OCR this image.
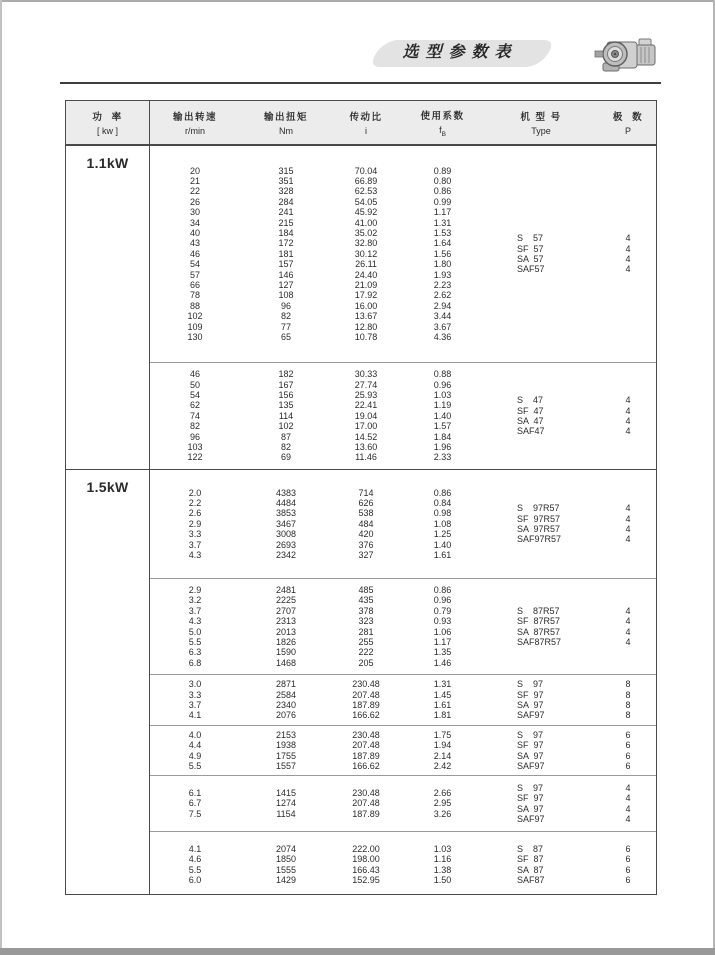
选型参数表
功  率
[ kw ]
输出转速
r/min
输出扭矩
Nm
传动比
i
使用系数
$f_B$
机 型 号
Type
极  数
P
1.1kW	20
21
22
26
30
34
40
43
46
54
57
66
78
88
102
109
130
315
351
328
284
241
215
184
172
181
157
146
127
108
96
82
77
65
70.04
66.89
62.53
54.05
45.92
41.00
35.02
32.80
30.12
26.11
24.40
21.09
17.92
16.00
13.67
12.80
10.78
0.89
0.80
0.86
0.99
1.17
1.31
1.53
1.64
1.56
1.80
1.93
2.23
2.62
2.94
3.44
3.67
4.36
S    57
SF  57
SA  57
SAF57
4
4
4
4
46
50
54
62
74
82
96
103
122
182
167
156
135
114
102
87
82
69
30.33
27.74
25.93
22.41
19.04
17.00
14.52
13.60
11.46
0.88
0.96
1.03
1.19
1.40
1.57
1.84
1.96
2.33
S    47
SF  47
SA  47
SAF47
4
4
4
4
1.5kW	2.0
2.2
2.6
2.9
3.3
3.7
4.3
4383
4484
3853
3467
3008
2693
2342
714
626
538
484
420
376
327
0.86
0.84
0.98
1.08
1.25
1.40
1.61
S    97R57
SF  97R57
SA  97R57
SAF97R57
4
4
4
4
2.9
3.2
3.7
4.3
5.0
5.5
6.3
6.8
2481
2225
2707
2313
2013
1826
1590
1468
485
435
378
323
281
255
222
205
0.86
0.96
0.79
0.93
1.06
1.17
1.35
1.46
S    87R57
SF  87R57
SA  87R57
SAF87R57
4
4
4
4
3.0
3.3
3.7
4.1
2871
2584
2340
2076
230.48
207.48
187.89
166.62
1.31
1.45
1.61
1.81
S    97
SF  97
SA  97
SAF97
8
8
8
8
4.0
4.4
4.9
5.5
2153
1938
1755
1557
230.48
207.48
187.89
166.62
1.75
1.94
2.14
2.42
S    97
SF  97
SA  97
SAF97
6
6
6
6
6.1
6.7
7.5
1415
1274
1154
230.48
207.48
187.89
2.66
2.95
3.26
S    97
SF  97
SA  97
SAF97
4
4
4
4
4.1
4.6
5.5
6.0
2074
1850
1555
1429
222.00
198.00
166.43
152.95
1.03
1.16
1.38
1.50
S    87
SF  87
SA  87
SAF87
6
6
6
6
